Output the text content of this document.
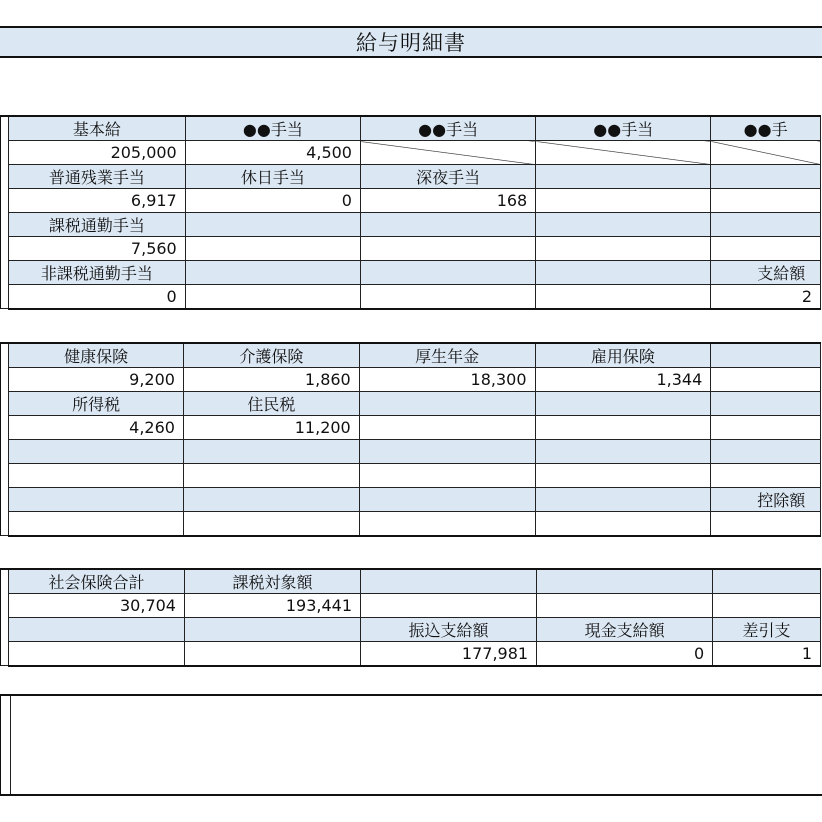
給与明細書
	基本給	●●手当	●●手当	●●手当	●●手
	205,000	4,500			
	普通残業手当	休日手当	深夜手当		
	6,917	0	168		
	課税通勤手当				
	7,560				
	非課税通勤手当				支給額
	0				2
	健康保険	介護保険	厚生年金	雇用保険	
	9,200	1,860	18,300	1,344	
	所得税	住民税			
	4,260	11,200			

					控除額

	社会保険合計	課税対象額			
	30,704	193,441			
			振込支給額	現金支給額	差引支
			177,981	0	1
